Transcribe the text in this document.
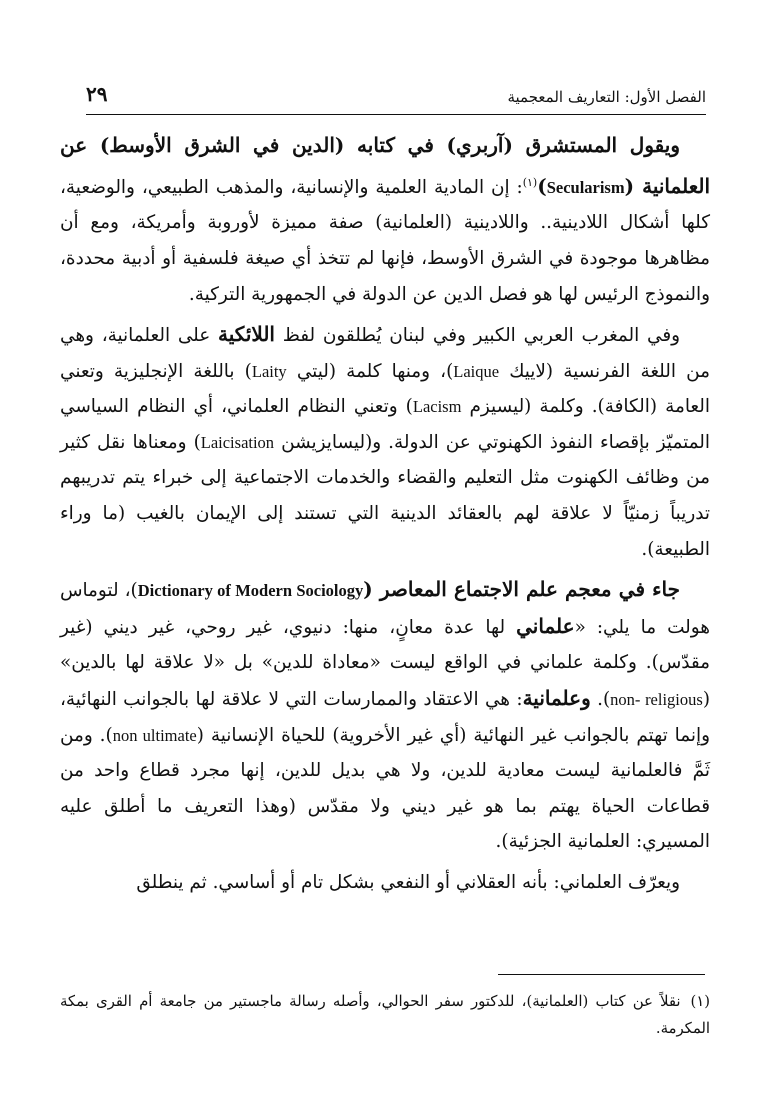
الفصل الأول: التعاريف المعجمية
٢٩

ويقول المستشرق (آربري) في كتابه (الدين في الشرق الأوسط) عن العلمانية (Secularism)$^{(١)}$: إن المادية العلمية والإنسانية، والمذهب الطبيعي، والوضعية، كلها أشكال اللادينية.. واللادينية (العلمانية) صفة مميزة لأوروبة وأمريكة، ومع أن مظاهرها موجودة في الشرق الأوسط، فإنها لم تتخذ أي صيغة فلسفية أو أدبية محددة، والنموذج الرئيس لها هو فصل الدين عن الدولة في الجمهورية التركية.

وفي المغرب العربي الكبير وفي لبنان يُطلقون لفظ اللائكية على العلمانية، وهي من اللغة الفرنسية (لاييك Laique)، ومنها كلمة (ليتي Laity) باللغة الإنجليزية وتعني العامة (الكافة). وكلمة (ليسيزم Lacism) وتعني النظام العلماني، أي النظام السياسي المتميّز بإقصاء النفوذ الكهنوتي عن الدولة. و(ليسايزيشن Laicisation) ومعناها نقل كثير من وظائف الكهنوت مثل التعليم والقضاء والخدمات الاجتماعية إلى خبراء يتم تدريبهم تدريباً زمنيّاً لا علاقة لهم بالعقائد الدينية التي تستند إلى الإيمان بالغيب (ما وراء الطبيعة).

جاء في معجم علم الاجتماع المعاصر (Dictionary of Modern Sociology)، لتوماس هولت ما يلي: «علماني لها عدة معانٍ، منها: دنيوي، غير روحي، غير ديني (غير مقدّس). وكلمة علماني في الواقع ليست «معاداة للدين» بل «لا علاقة لها بالدين» (non- religious). وعلمانية: هي الاعتقاد والممارسات التي لا علاقة لها بالجوانب النهائية، وإنما تهتم بالجوانب غير النهائية (أي غير الأخروية) للحياة الإنسانية (non ultimate). ومن ثَمَّ فالعلمانية ليست معادية للدين، ولا هي بديل للدين، إنها مجرد قطاع واحد من قطاعات الحياة يهتم بما هو غير ديني ولا مقدّس (وهذا التعريف ما أطلق عليه المسيري: العلمانية الجزئية).

ويعرّف العلماني: بأنه العقلاني أو النفعي بشكل تام أو أساسي. ثم ينطلق

(١)نقلاً عن كتاب (العلمانية)، للدكتور سفر الحوالي، وأصله رسالة ماجستير من جامعة أم القرى بمكة المكرمة.
